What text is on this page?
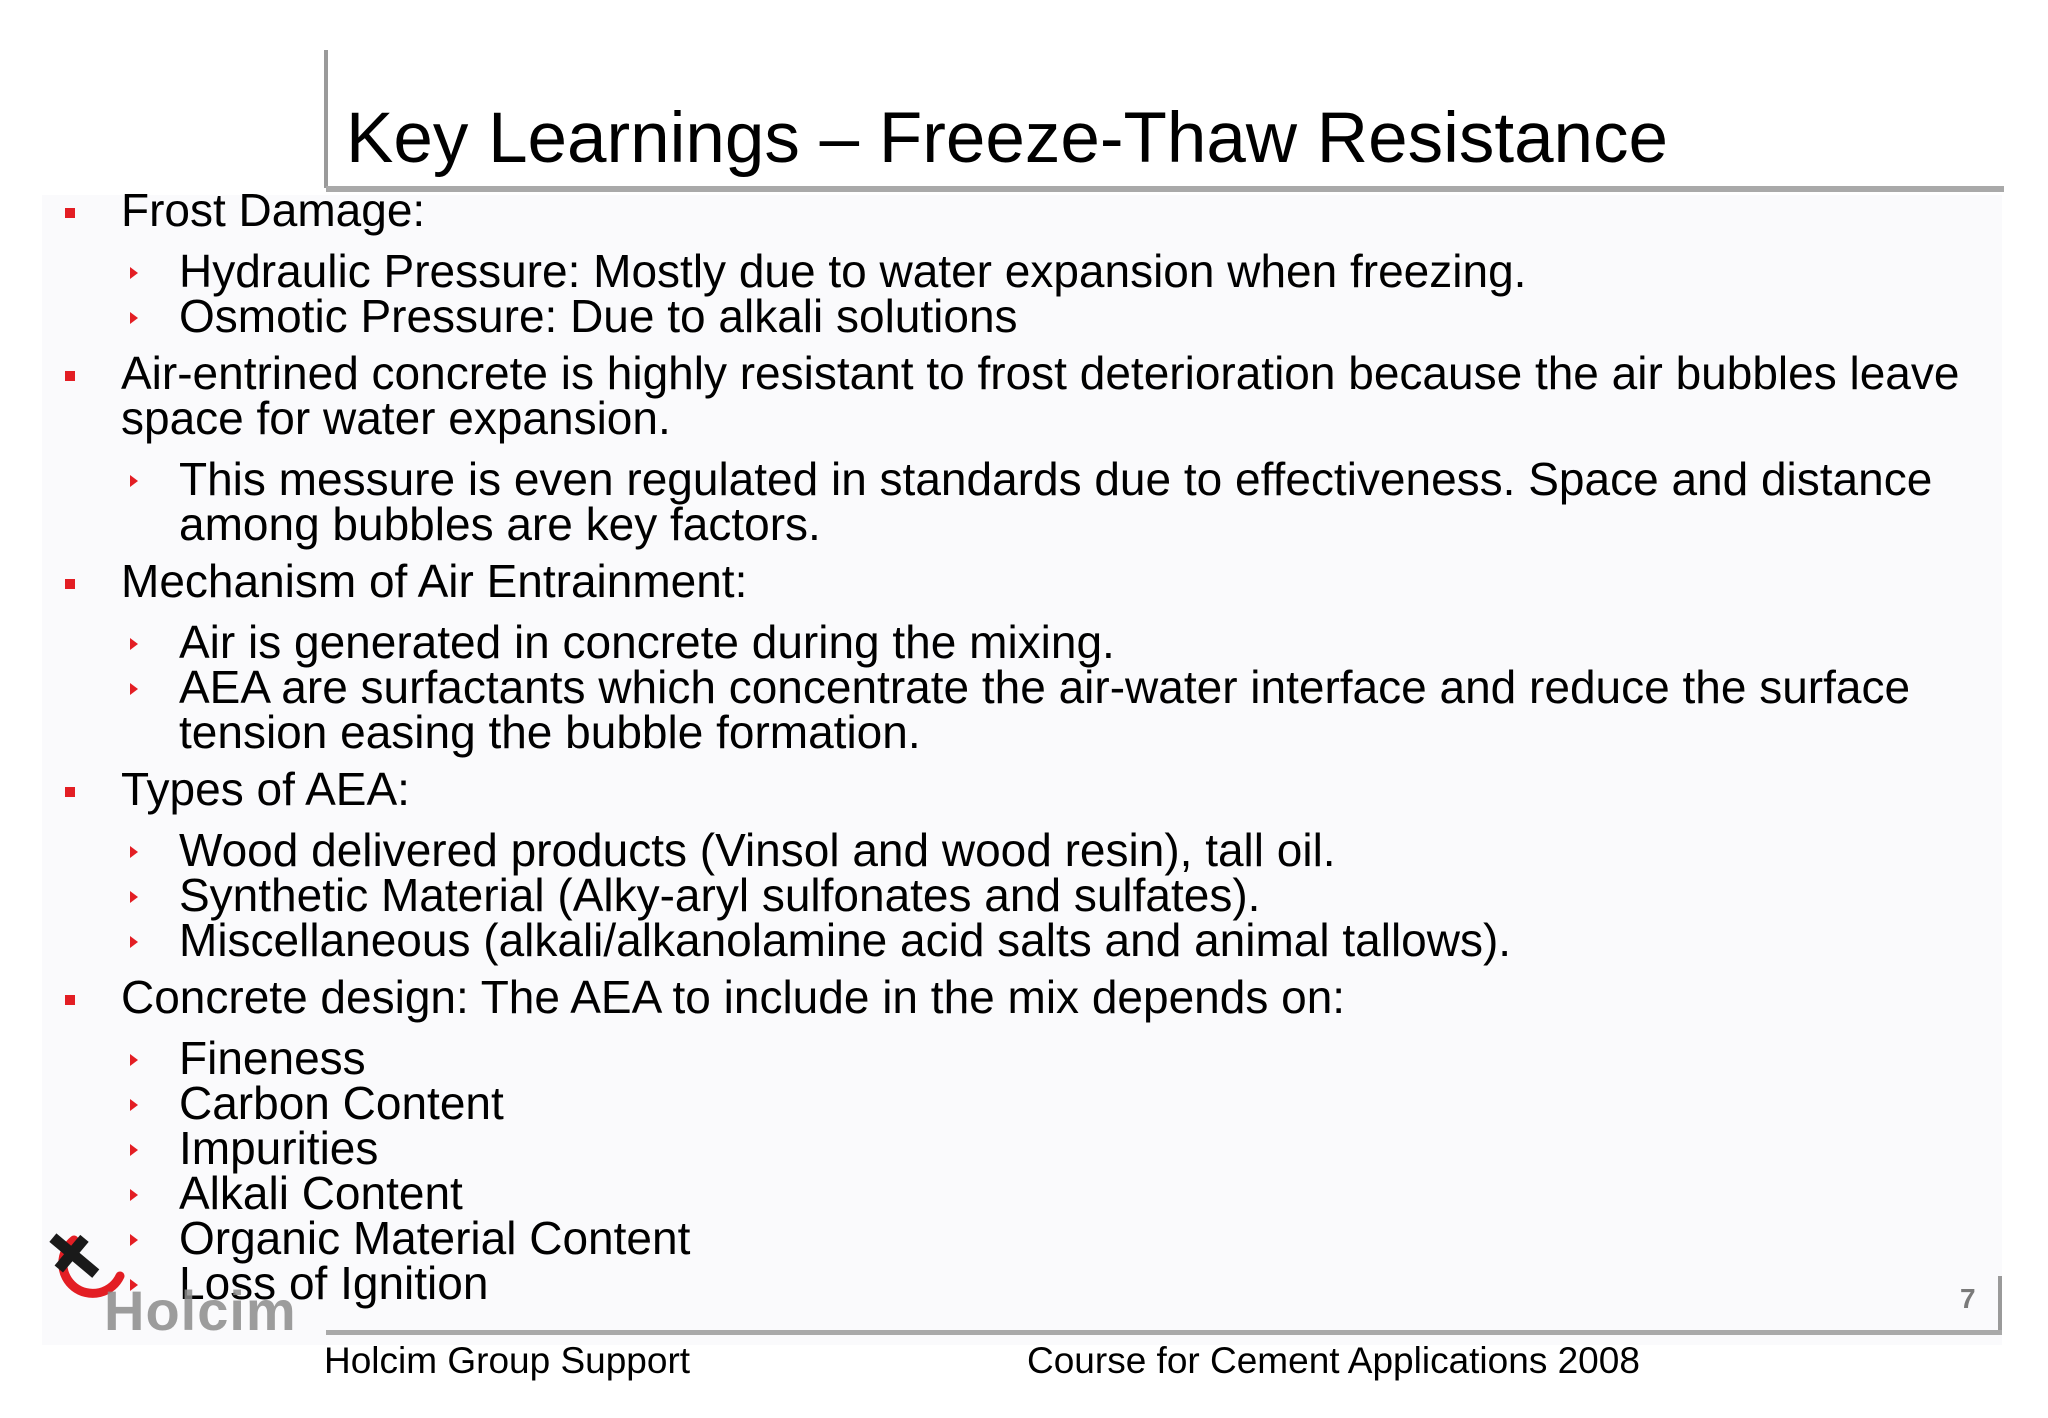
Key Learnings – Freeze-Thaw Resistance
Frost Damage:
Hydraulic Pressure: Mostly due to water expansion when freezing.
Osmotic Pressure: Due to alkali solutions
Air-entrined concrete is highly resistant to frost deterioration because the air bubbles leave space for water expansion.
This messure is even regulated in standards due to effectiveness. Space and distance among bubbles are key factors.
Mechanism of Air Entrainment:
Air is generated in concrete during the mixing.
AEA are surfactants which concentrate the air-water interface and reduce the surface tension easing the bubble formation.
Types of AEA:
Wood delivered products (Vinsol and wood resin), tall oil.
Synthetic Material (Alky-aryl sulfonates and sulfates).
Miscellaneous (alkali/alkanolamine acid salts and animal tallows).
Concrete design: The AEA to include in the mix depends on:
Fineness
Carbon Content
Impurities
Alkali Content
Organic Material Content
Loss of Ignition
Holcim	7
Holcim Group Support	Course for Cement Applications 2008
